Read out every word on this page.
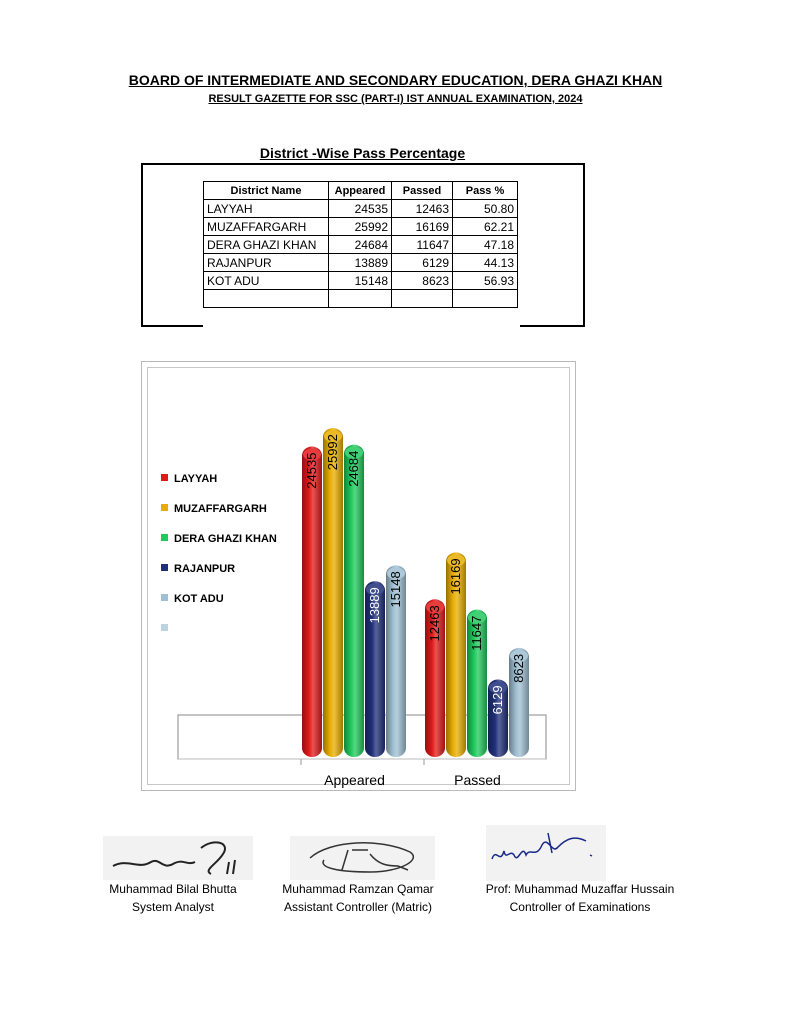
BOARD OF INTERMEDIATE AND SECONDARY EDUCATION, DERA GHAZI KHAN
RESULT GAZETTE FOR SSC (PART-I) IST ANNUAL EXAMINATION, 2024
District -Wise Pass Percentage
District Name	Appeared	Passed	Pass %
LAYYAH	24535	12463	50.80
MUZAFFARGARH	25992	16169	62.21
DERA GHAZI KHAN	24684	11647	47.18
RAJANPUR	13889	6129	44.13
KOT ADU	15148	8623	56.93

LAYYAH
MUZAFFARGARH
DERA GHAZI KHAN
RAJANPUR
KOT ADU
24535
25992 24684
13889 15148
12463
16169
11647
6129
8623
Appeared	Passed
Muhammad Bilal Bhutta
System Analyst
Muhammad Ramzan Qamar
Assistant Controller (Matric)
Prof: Muhammad Muzaffar Hussain
Controller of Examinations
